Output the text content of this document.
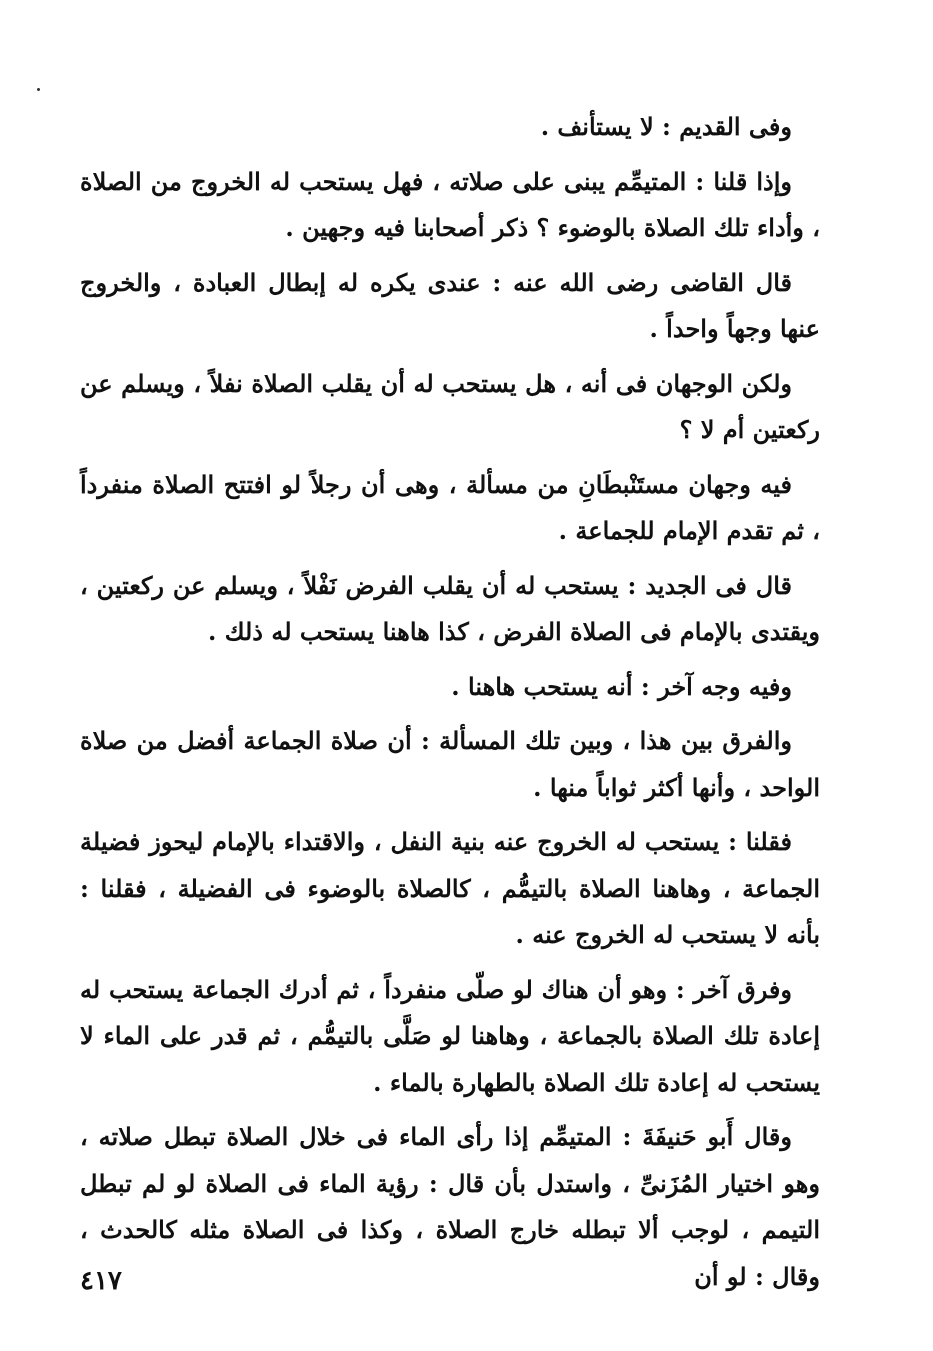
وفى القديم : لا يستأنف .

وإذا قلنا : المتيمِّم يبنى على صلاته ، فهل يستحب له الخروج من الصلاة ، وأداء تلك الصلاة بالوضوء ؟ ذكر أصحابنا فيه وجهين .

قال القاضى رضى الله عنه : عندى يكره له إبطال العبادة ، والخروج عنها وجهاً واحداً .

ولكن الوجهان فى أنه ، هل يستحب له أن يقلب الصلاة نفلاً ، ويسلم عن ركعتين أم لا ؟

فيه وجهان مستَنْبطَانِ من مسألة ، وهى أن رجلاً لو افتتح الصلاة منفرداً ، ثم تقدم الإمام للجماعة .

قال فى الجديد : يستحب له أن يقلب الفرض نَفْلاً ، ويسلم عن ركعتين ، ويقتدى بالإمام فى الصلاة الفرض ، كذا هاهنا يستحب له ذلك .

وفيه وجه آخر : أنه يستحب هاهنا .

والفرق بين هذا ، وبين تلك المسألة : أن صلاة الجماعة أفضل من صلاة الواحد ، وأنها أكثر ثواباً منها .

فقلنا : يستحب له الخروج عنه بنية النفل ، والاقتداء بالإمام ليحوز فضيلة الجماعة ، وهاهنا الصلاة بالتيمُّم ، كالصلاة بالوضوء فى الفضيلة ، فقلنا : بأنه لا يستحب له الخروج عنه .

وفرق آخر : وهو أن هناك لو صلّى منفرداً ، ثم أدرك الجماعة يستحب له إعادة تلك الصلاة بالجماعة ، وهاهنا لو صَلَّى بالتيمُّم ، ثم قدر على الماء لا يستحب له إعادة تلك الصلاة بالطهارة بالماء .

وقال أَبو حَنيفَةَ : المتيمِّم إذا رأى الماء فى خلال الصلاة تبطل صلاته ، وهو اختيار المُزَنىِّ ، واستدل بأن قال : رؤية الماء فى الصلاة لو لم تبطل التيمم ، لوجب ألا تبطله خارج الصلاة ، وكذا فى الصلاة مثله كالحدث ، وقال : لو أن

٤١٧
